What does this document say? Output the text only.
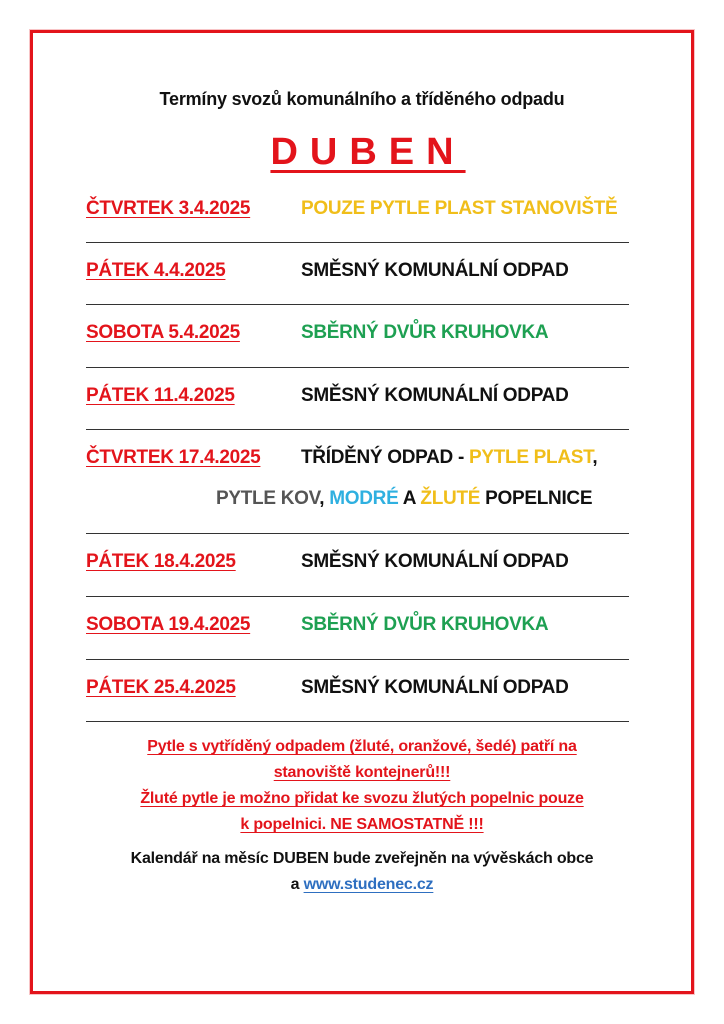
Termíny svozů komunálního a tříděného odpadu
DUBEN
ČTVRTEK 3.4.2025	POUZE PYTLE PLAST STANOVIŠTĚ
PÁTEK 4.4.2025	SMĚSNÝ KOMUNÁLNÍ ODPAD
SOBOTA 5.4.2025	SBĚRNÝ DVŮR KRUHOVKA
PÁTEK 11.4.2025	SMĚSNÝ KOMUNÁLNÍ ODPAD
ČTVRTEK 17.4.2025 TŘÍDĚNÝ ODPAD - PYTLE PLAST,
PYTLE KOV, MODRÉ A ŽLUTÉ POPELNICE
PÁTEK 18.4.2025	SMĚSNÝ KOMUNÁLNÍ ODPAD
SOBOTA 19.4.2025	SBĚRNÝ DVŮR KRUHOVKA
PÁTEK 25.4.2025	SMĚSNÝ KOMUNÁLNÍ ODPAD
Pytle s vytříděný odpadem (žluté, oranžové, šedé) patří na
stanoviště kontejnerů!!!
Žluté pytle je možno přidat ke svozu žlutých popelnic pouze
k popelnici. NE SAMOSTATNĚ !!!
Kalendář na měsíc DUBEN bude zveřejněn na vývěskách obce
a www.studenec.cz
